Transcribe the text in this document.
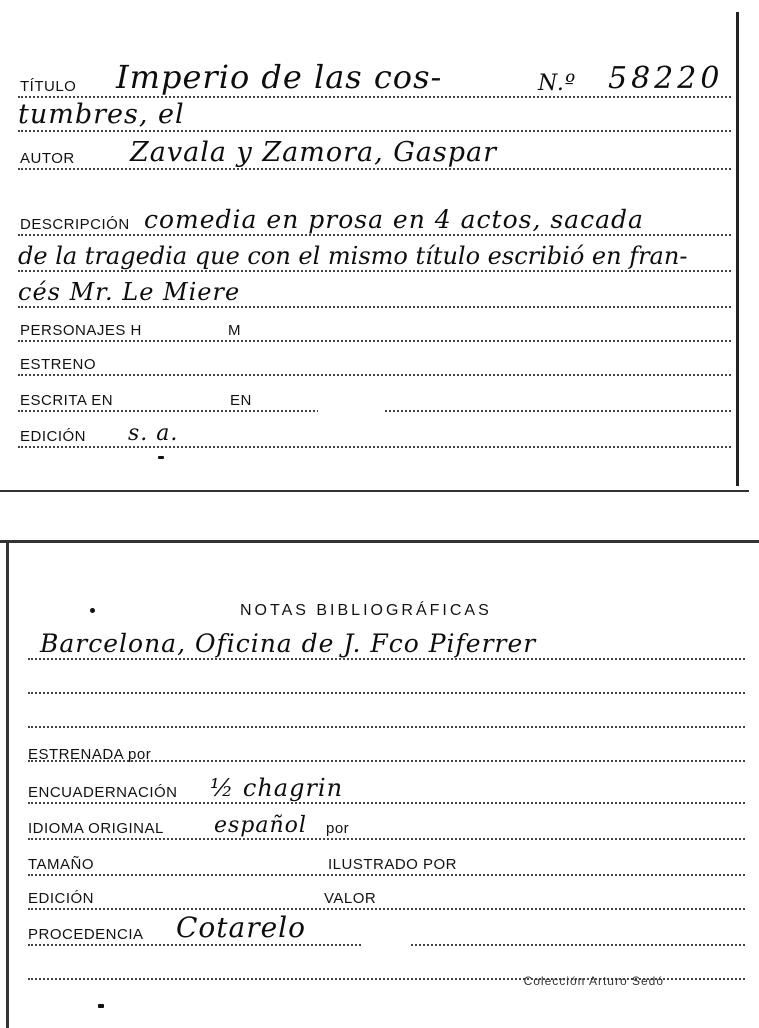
TÍTULO Imperio de las cos-	N.º 58220
tumbres, el
AUTOR Zavala y Zamora, Gaspar
DESCRIPCIÓN comedia en prosa en 4 actos, sacada
de la tragedia que con el mismo título escribió en fran-
cés Mr. Le Miere
PERSONAJES H	M
ESTRENO
ESCRITA EN	EN
EDICIÓN s. a.
NOTAS BIBLIOGRÁFICAS
Barcelona, Oficina de J. Fco Piferrer
ESTRENADA por
ENCUADERNACIÓN ½ chagrin
IDIOMA ORIGINAL español por
TAMAÑO	ILUSTRADO POR
EDICIÓN	VALOR
PROCEDENCIA Cotarelo
Colección Arturo Sedó
